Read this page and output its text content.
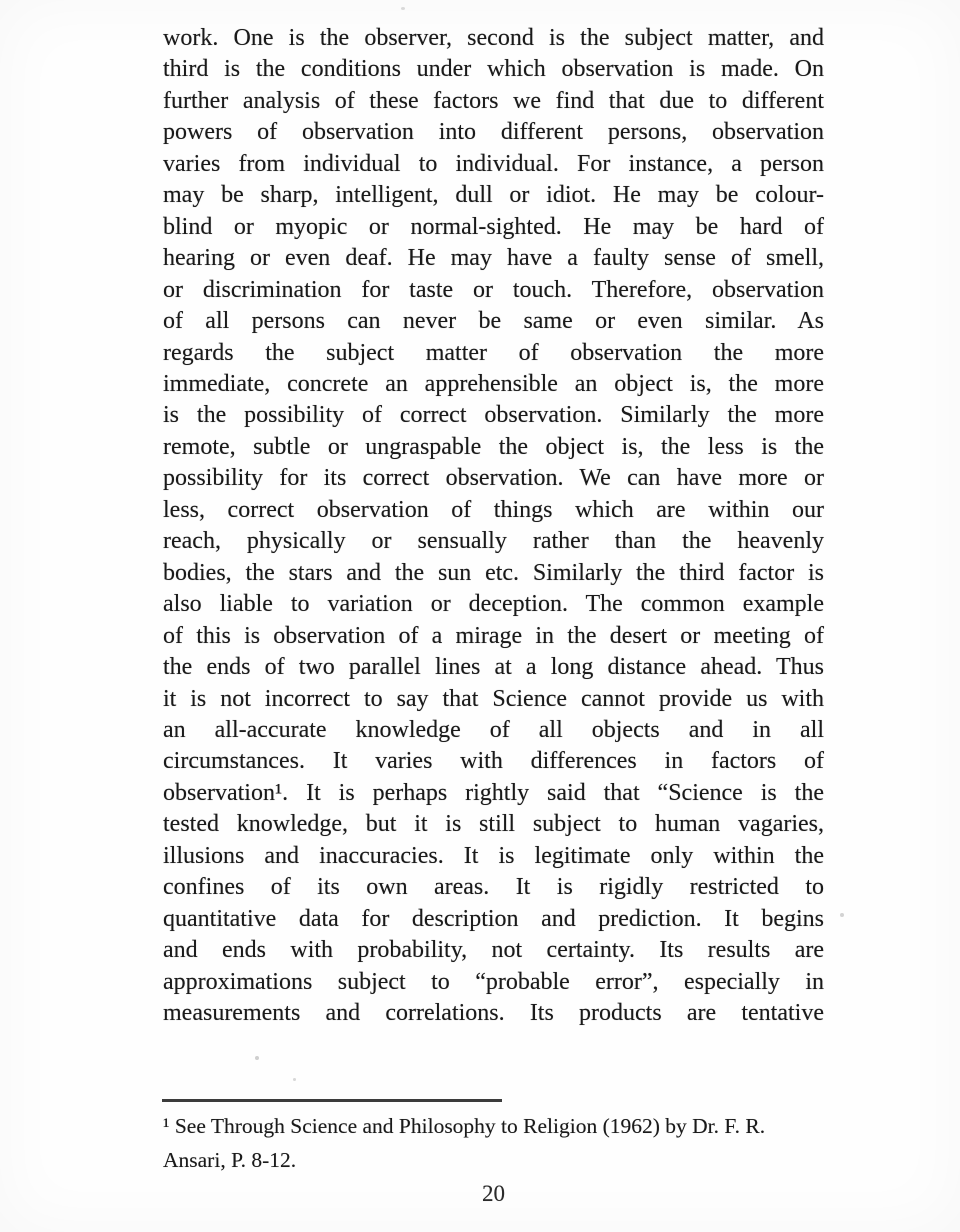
work. One is the observer, second is the subject matter, and
third is the conditions under which observation is made. On
further analysis of these factors we find that due to different
powers of observation into different persons, observation
varies from individual to individual. For instance, a person
may be sharp, intelligent, dull or idiot. He may be colour-
blind or myopic or normal-sighted. He may be hard of
hearing or even deaf. He may have a faulty sense of smell,
or discrimination for taste or touch. Therefore, observation
of all persons can never be same or even similar. As
regards the subject matter of observation the more
immediate, concrete an apprehensible an object is, the more
is the possibility of correct observation. Similarly the more
remote, subtle or ungraspable the object is, the less is the
possibility for its correct observation. We can have more or
less, correct observation of things which are within our
reach, physically or sensually rather than the heavenly
bodies, the stars and the sun etc. Similarly the third factor is
also liable to variation or deception. The common example
of this is observation of a mirage in the desert or meeting of
the ends of two parallel lines at a long distance ahead. Thus
it is not incorrect to say that Science cannot provide us with
an all-accurate knowledge of all objects and in all
circumstances. It varies with differences in factors of
observation¹. It is perhaps rightly said that “Science is the
tested knowledge, but it is still subject to human vagaries,
illusions and inaccuracies. It is legitimate only within the
confines of its own areas. It is rigidly restricted to
quantitative data for description and prediction. It begins
and ends with probability, not certainty. Its results are
approximations subject to “probable error”, especially in
measurements and correlations. Its products are tentative
¹ See Through Science and Philosophy to Religion (1962) by Dr. F. R.
Ansari, P. 8-12.
20
